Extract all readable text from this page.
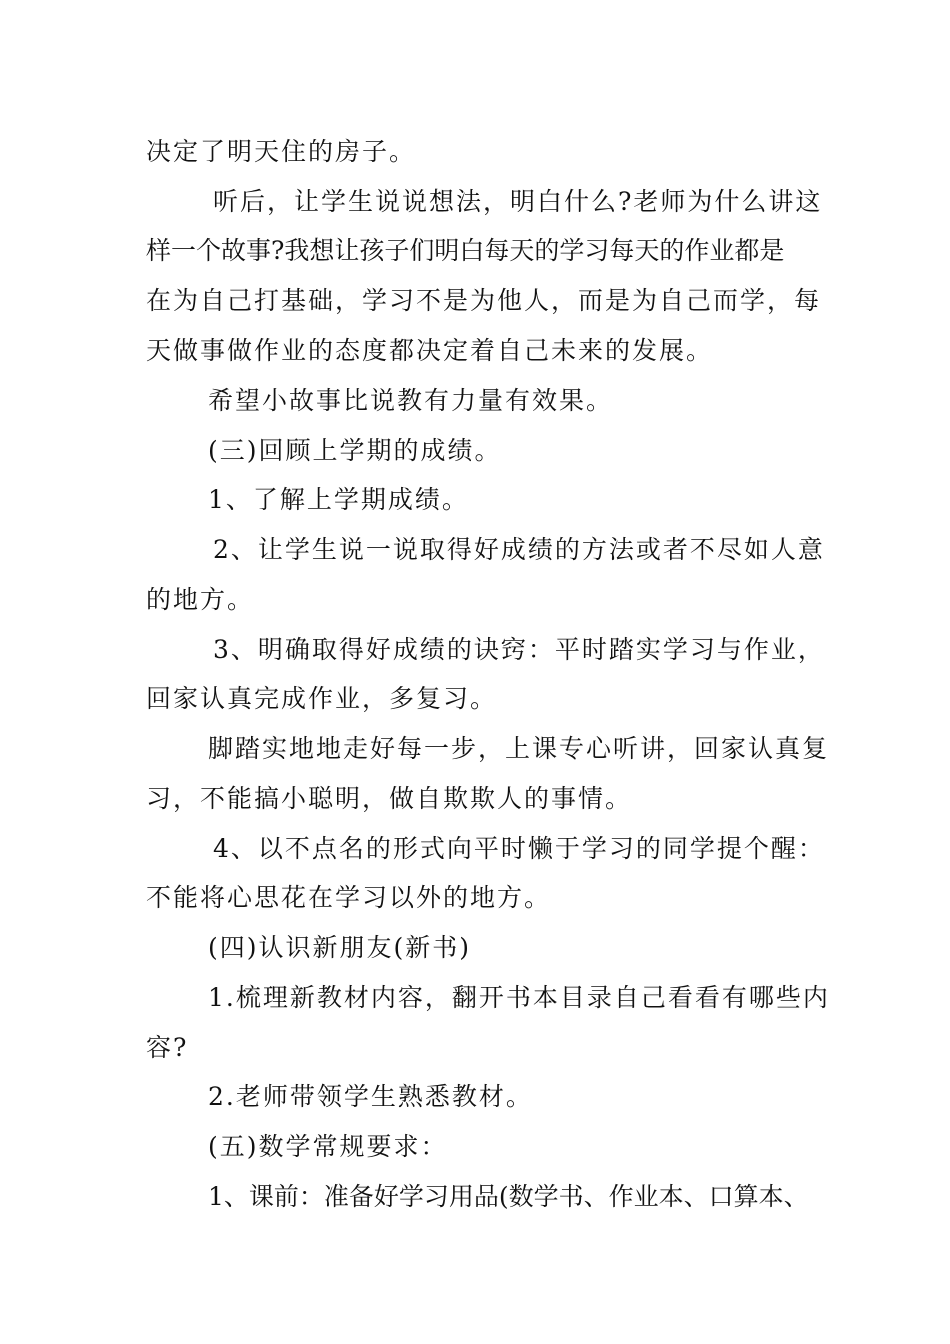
决定了明天住的房子。
听后，让学生说说想法，明白什么?老师为什么讲这
样一个故事?我想让孩子们明白每天的学习每天的作业都是
在为自己打基础，学习不是为他人，而是为自己而学，每
天做事做作业的态度都决定着自己未来的发展。
希望小故事比说教有力量有效果。
(三)回顾上学期的成绩。
1、了解上学期成绩。
2、让学生说一说取得好成绩的方法或者不尽如人意
的地方。
3、明确取得好成绩的诀窍：平时踏实学习与作业，
回家认真完成作业，多复习。
脚踏实地地走好每一步，上课专心听讲，回家认真复
习，不能搞小聪明，做自欺欺人的事情。
4、以不点名的形式向平时懒于学习的同学提个醒：
不能将心思花在学习以外的地方。
(四)认识新朋友(新书)
1.梳理新教材内容，翻开书本目录自己看看有哪些内
容?
2.老师带领学生熟悉教材。
(五)数学常规要求：
1、课前：准备好学习用品(数学书、作业本、口算本、
